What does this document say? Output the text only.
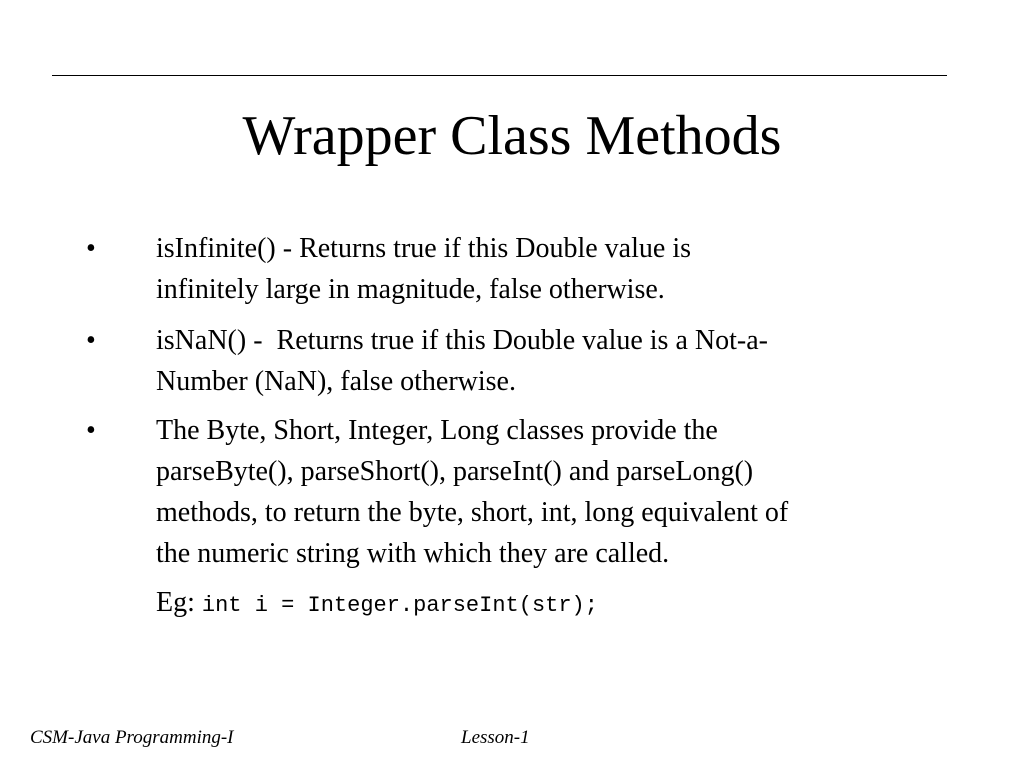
Wrapper Class Methods
• isInfinite() - Returns true if this Double value is
infinitely large in magnitude, false otherwise.
• isNaN() -  Returns true if this Double value is a Not-a-
Number (NaN), false otherwise.
• The Byte, Short, Integer, Long classes provide the
parseByte(), parseShort(), parseInt() and parseLong()
methods, to return the byte, short, int, long equivalent of
the numeric string with which they are called.
Eg: int i = Integer.parseInt(str);
CSM-Java Programming-I	Lesson-1
